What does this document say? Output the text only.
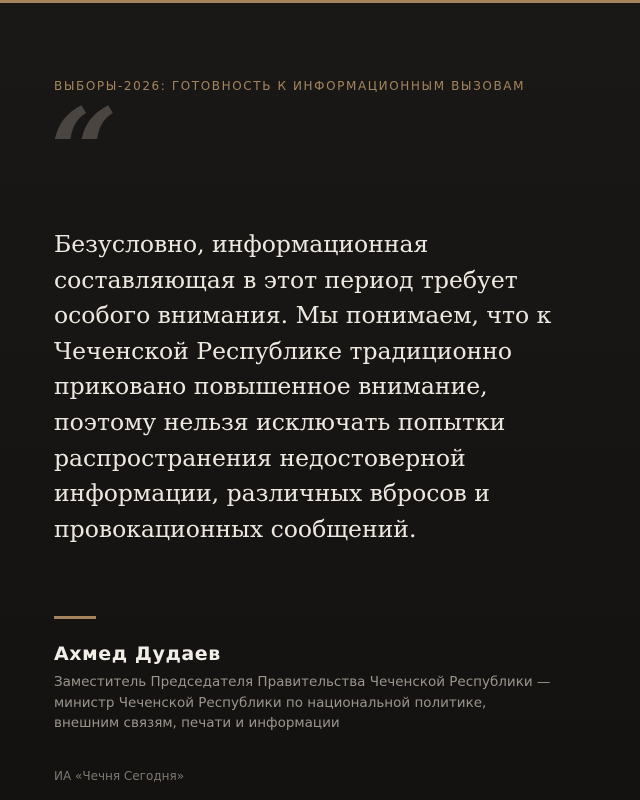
ВЫБОРЫ-2026: ГОТОВНОСТЬ К ИНФОРМАЦИОННЫМ ВЫЗОВАМ

“

Безусловно, информационная составляющая в этот период требует особого внимания. Мы понимаем, что к Чеченской Республике традиционно приковано повышенное внимание, поэтому нельзя исключать попытки распространения недостоверной информации, различных вбросов и провокационных сообщений.

Ахмед Дудаев

Заместитель Председателя Правительства Чеченской Республики — министр Чеченской Республики по национальной политике, внешним связям, печати и информации

ИА «Чечня Сегодня»
